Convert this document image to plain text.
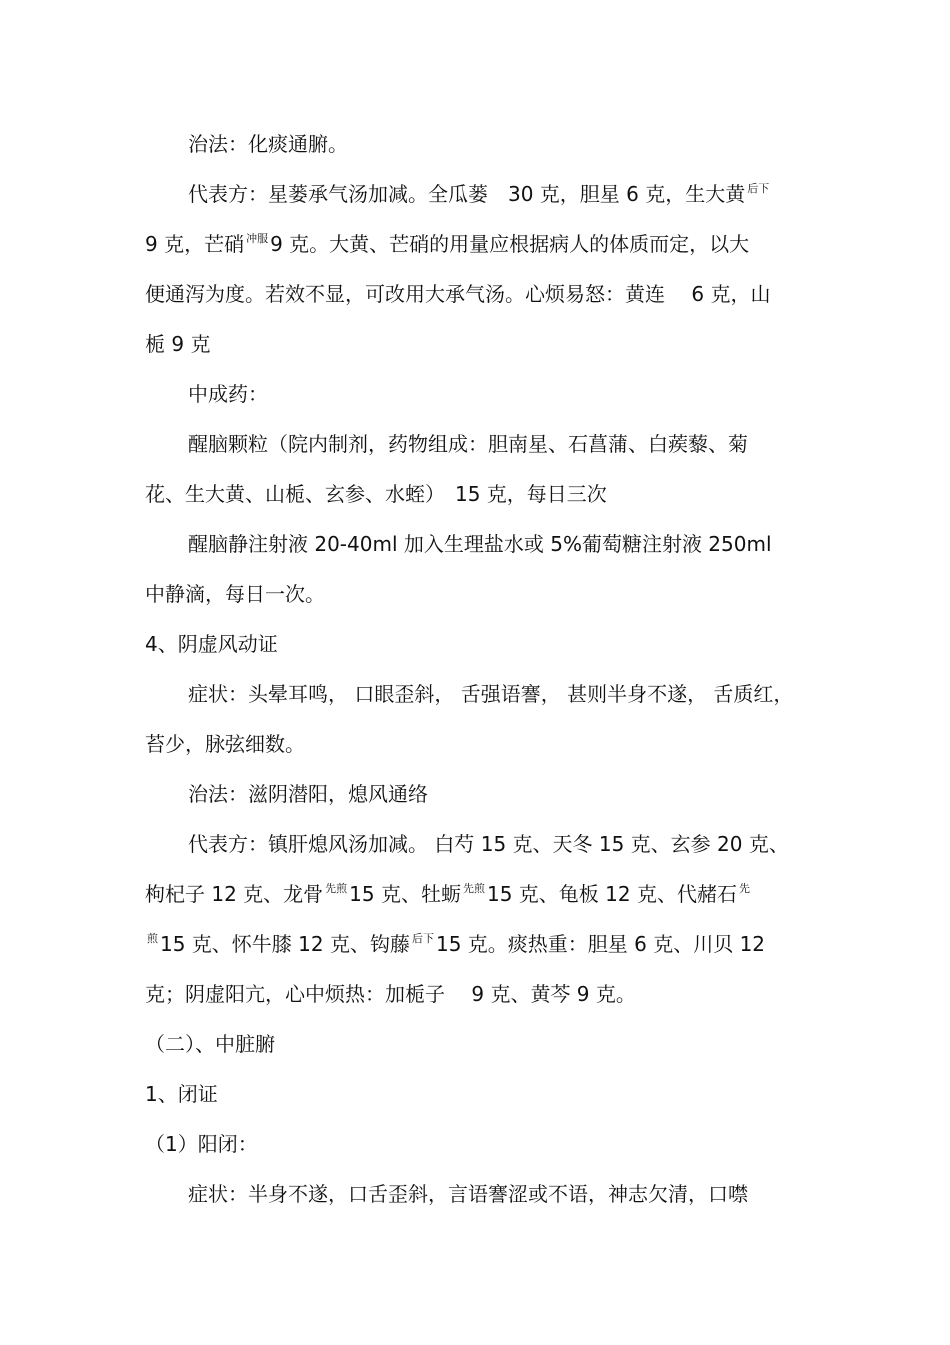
治法：化痰通腑。
代表方：星蒌承气汤加减。全瓜蒌　30 克，胆星 6 克，生大黄 $^{后下}$
9 克，芒硝 $^{冲服}$ 9 克。大黄、芒硝的用量应根据病人的体质而定，以大
便通泻为度。若效不显，可改用大承气汤。心烦易怒：黄连　 6 克，山
栀 9 克
中成药：
醒脑颗粒（院内制剂，药物组成：胆南星、石菖蒲、白蒺藜、菊
花、生大黄、山栀、玄参、水蛭）　15 克，每日三次
醒脑静注射液 20-40ml 加入生理盐水或 5%葡萄糖注射液 250ml
中静滴，每日一次。
4、阴虚风动证
症状：头晕耳鸣， 口眼歪斜， 舌强语謇， 甚则半身不遂， 舌质红，
苔少，脉弦细数。
治法：滋阴潜阳，熄风通络
代表方：镇肝熄风汤加减。 白芍 15 克、天冬 15 克、玄参 20 克、
枸杞子 12 克、龙骨 $^{先煎}$ 15 克、牡蛎 $^{先煎}$ 15 克、龟板 12 克、代赭石 $^先$
$^煎$ 15 克、怀牛膝 12 克、钩藤 $^{后下}$ 15 克。痰热重：胆星 6 克、川贝 12
克；阴虚阳亢，心中烦热：加栀子　 9 克、黄芩 9 克。
（二）、中脏腑
1、闭证
（1）阳闭：
症状：半身不遂，口舌歪斜，言语謇涩或不语，神志欠清，口噤
